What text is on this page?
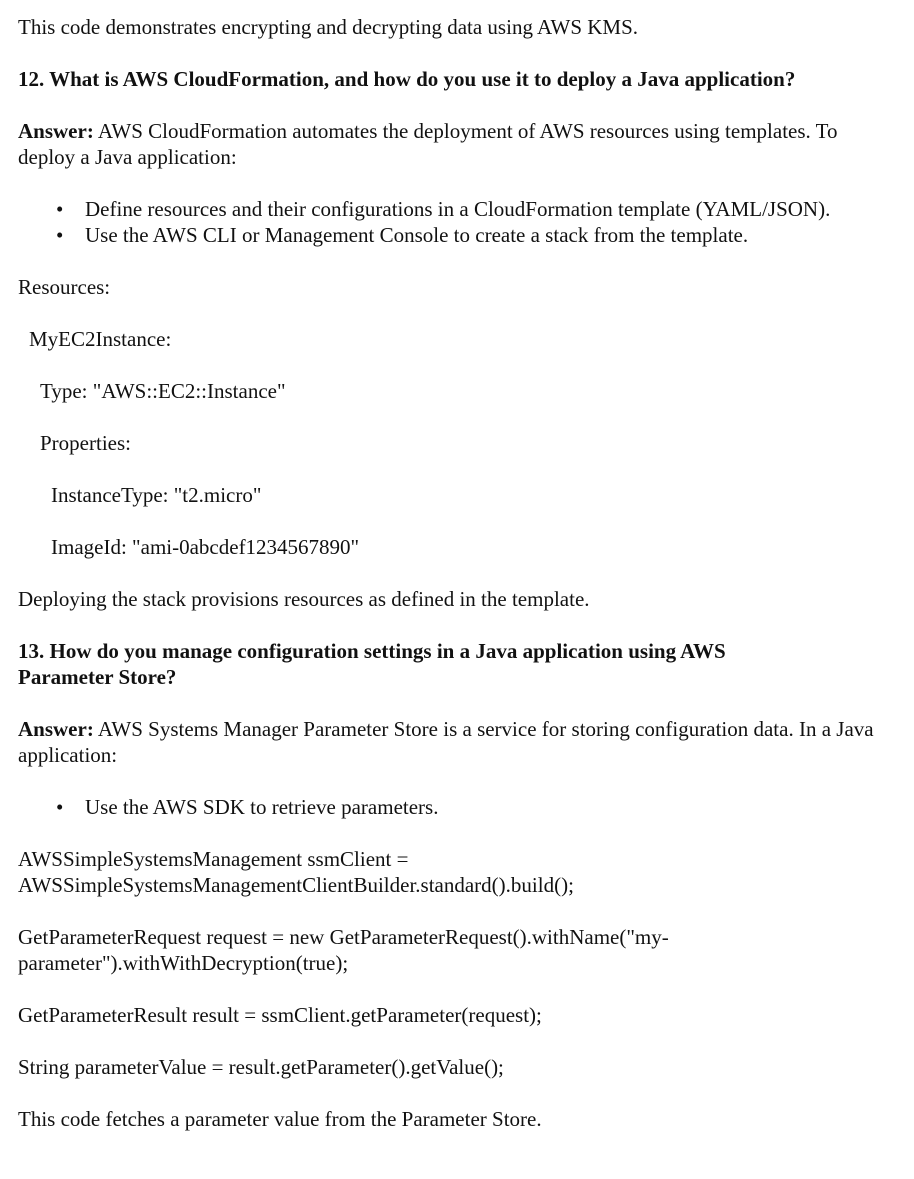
This code demonstrates encrypting and decrypting data using AWS KMS.

12. What is AWS CloudFormation, and how do you use it to deploy a Java application?

Answer: AWS CloudFormation automates the deployment of AWS resources using templates. To deploy a Java application:

• Define resources and their configurations in a CloudFormation template (YAML/JSON).
• Use the AWS CLI or Management Console to create a stack from the template.

Resources:

MyEC2Instance:

Type: "AWS::EC2::Instance"

Properties:

InstanceType: "t2.micro"

ImageId: "ami-0abcdef1234567890"

Deploying the stack provisions resources as defined in the template.

13. How do you manage configuration settings in a Java application using AWS Parameter Store?

Answer: AWS Systems Manager Parameter Store is a service for storing configuration data. In a Java application:

• Use the AWS SDK to retrieve parameters.

AWSSimpleSystemsManagement ssmClient = AWSSimpleSystemsManagementClientBuilder.standard().build();

GetParameterRequest request = new GetParameterRequest().withName("my-parameter").withWithDecryption(true);

GetParameterResult result = ssmClient.getParameter(request);

String parameterValue = result.getParameter().getValue();

This code fetches a parameter value from the Parameter Store.
